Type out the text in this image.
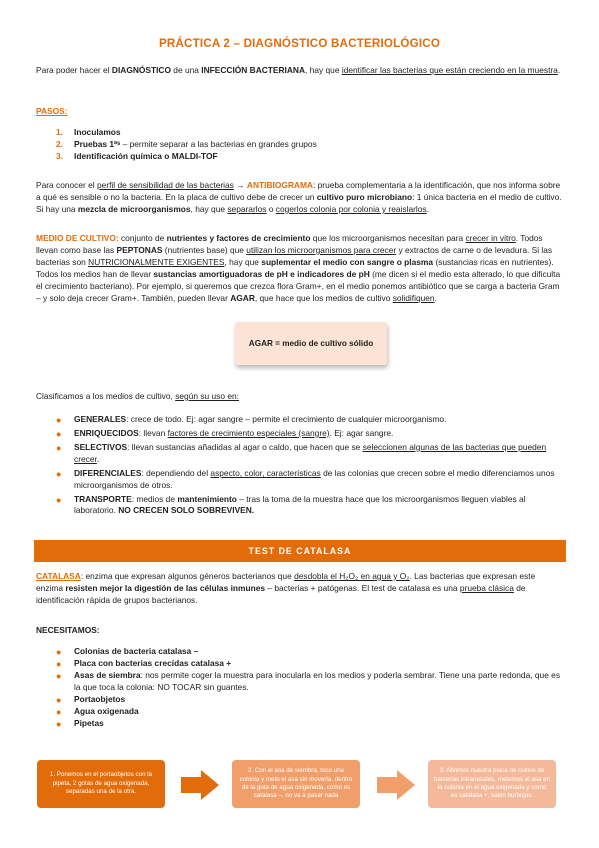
PRÁCTICA 2 – DIAGNÓSTICO BACTERIOLÓGICO

Para poder hacer el DIAGNÓSTICO de una INFECCIÓN BACTERIANA, hay que identificar las bacterias que están creciendo en la muestra.

PASOS:
1. Inoculamos
2. Pruebas 1ªˢ – permite separar a las bacterias en grandes grupos
3. Identificación química o MALDI-TOF

Para conocer el perfil de sensibilidad de las bacterias → ANTIBIOGRAMA: prueba complementaria a la identificación, que nos informa sobre a qué es sensible o no la bacteria. En la placa de cultivo debe de crecer un cultivo puro microbiano: 1 única bacteria en el medio de cultivo. Si hay una mezcla de microorganismos, hay que separarlos o cogerlos colonia por colonia y reaislarlos.

MEDIO DE CULTIVO: conjunto de nutrientes y factores de crecimiento que los microorganismos necesitan para crecer in vitro. Todos llevan como base las PEPTONAS (nutrientes base) que utilizan los microorganismos para crecer y extractos de carne o de levadura. Si las bacterias son NUTRICIONALMENTE EXIGENTES, hay que suplementar el medio con sangre o plasma (sustancias ricas en nutrientes). Todos los medios han de llevar sustancias amortiguadoras de pH e indicadores de pH (me dicen si el medio esta alterado, lo que dificulta el crecimiento bacteriano). Por ejemplo, si queremos que crezca flora Gram+, en el medio ponemos antibiótico que se carga a bacteria Gram – y solo deja crecer Gram+. También, pueden llevar AGAR, que hace que los medios de cultivo solidifiquen.

AGAR = medio de cultivo sólido

Clasificamos a los medios de cultivo, según su uso en:

● GENERALES: crece de todo. Ej: agar sangre – permite el crecimiento de cualquier microorganismo.
● ENRIQUECIDOS: llevan factores de crecimiento especiales (sangre). Ej: agar sangre.
● SELECTIVOS: llevan sustancias añadidas al agar o caldo, que hacen que se seleccionen algunas de las bacterias que pueden crecer.
● DIFERENCIALES: dependiendo del aspecto, color, características de las colonias que crecen sobre el medio diferenciamos unos microorganismos de otros.
● TRANSPORTE: medios de mantenimiento – tras la toma de la muestra hace que los microorganismos lleguen viables al laboratorio. NO CRECEN SOLO SOBREVIVEN.
TEST DE CATALASA

CATALASA: enzima que expresan algunos géneros bacterianos que desdobla el H₂O₂ en agua y O₂. Las bacterias que expresan este enzima resisten mejor la digestión de las células inmunes – bacterias + patógenas. El test de catalasa es una prueba clásica de identificación rápida de grupos bacterianos.

NECESITAMOS:
● Colonias de bacteria catalasa –
● Placa con bacterias crecidas catalasa +
● Asas de siembra: nos permite coger la muestra para inocularla en los medios y poderla sembrar. Tiene una parte redonda, que es la que toca la colonia: NO TOCAR sin guantes.
● Portaobjetos
● Agua oxigenada
● Pipetas
1. Ponemos en el portaobjetos con la pipeta, 2 gotas de agua oxigenada, separadas una de la otra.
2. Con el asa de siembra, toco una colonia y meto el asa sin moverla, dentro de la gota de agua oxigenada, como es catalasa –, no va a pasar nada
3. Abrimos nuestra placa de cultivo de bacterias intranasales, metemos el asa en la colonia en el agua oxigenada y como es catalasa +, salen burbujas.
